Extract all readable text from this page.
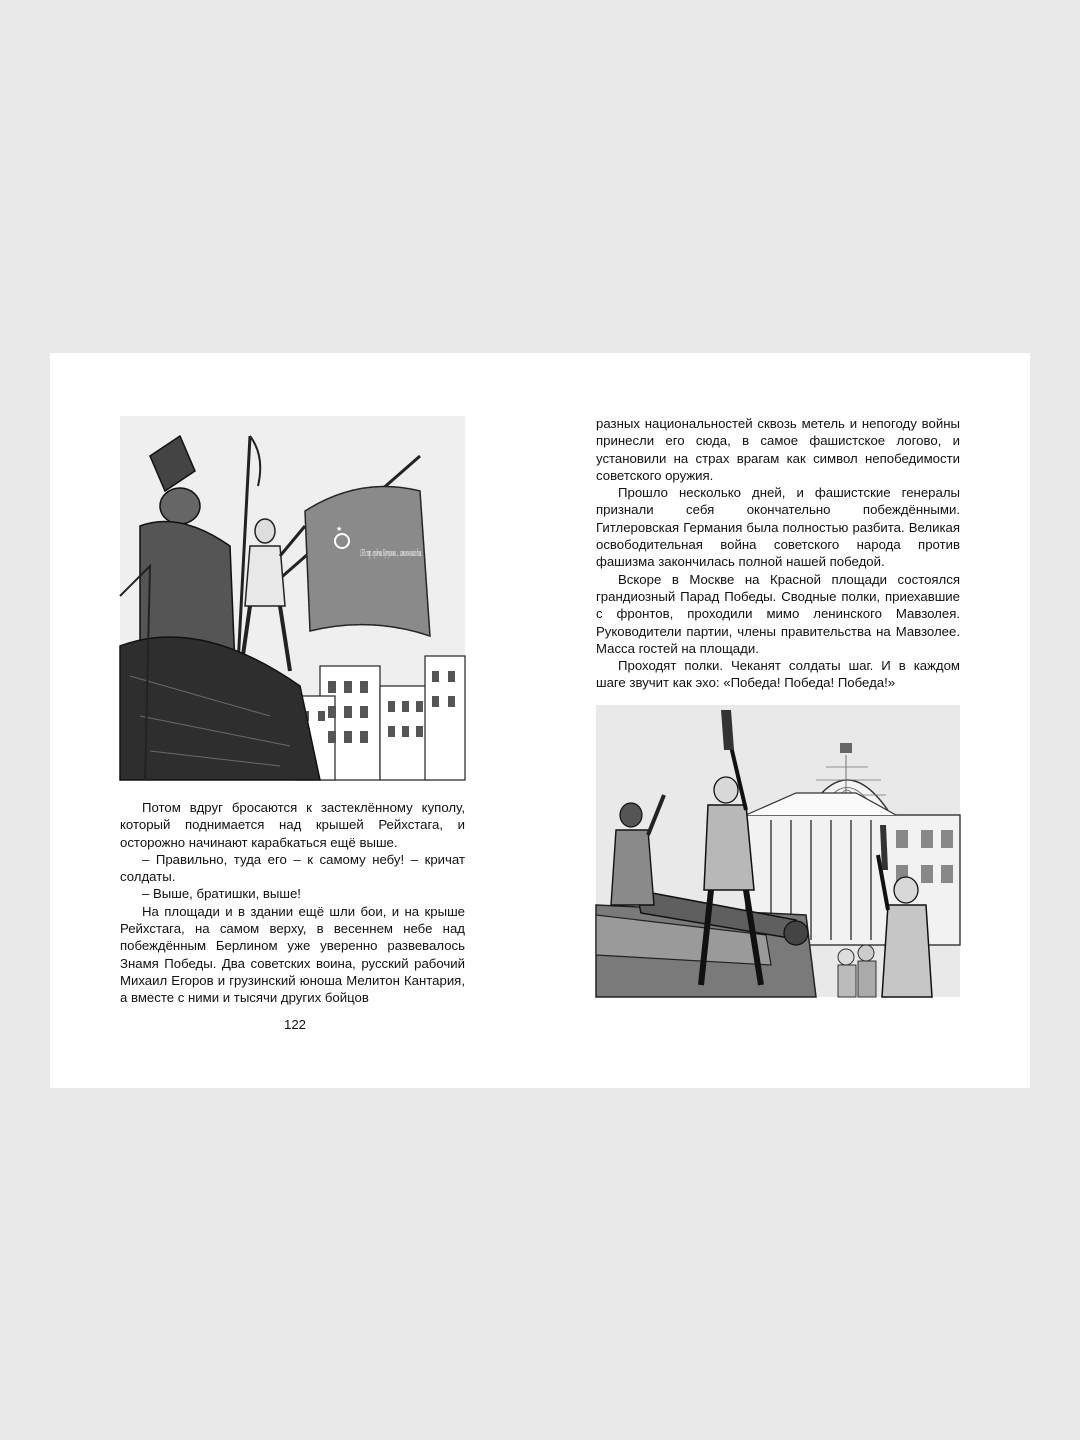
★
150 стр. ордена Кутузова ... изюлонская див.

Потом вдруг бросаются к застеклённому куполу, который поднимается над крышей Рейхстага, и осторожно начинают карабкаться ещё выше.

– Правильно, туда его – к самому небу! – кричат солдаты.

– Выше, братишки, выше!

На площади и в здании ещё шли бои, и на крыше Рейхстага, на самом верху, в весеннем небе над побеждённым Берлином уже уверенно развевалось Знамя Победы. Два советских воина, русский рабочий Михаил Егоров и грузинский юноша Мелитон Кантария, а вместе с ними и тысячи других бойцов

122

разных национальностей сквозь метель и непогоду войны принесли его сюда, в самое фашистское логово, и установили на страх врагам как символ непобедимости советского оружия.

Прошло несколько дней, и фашистские генералы признали себя окончательно побеждёнными. Гитлеровская Германия была полностью разбита. Великая освободительная война советского народа против фашизма закончилась полной нашей победой.

Вскоре в Москве на Красной площади состоялся грандиозный Парад Победы. Сводные полки, приехавшие с фронтов, проходили мимо ленинского Мавзолея. Руководители партии, члены правительства на Мавзолее. Масса гостей на площади.

Проходят полки. Чеканят солдаты шаг. И в каждом шаге звучит как эхо: «Победа! Победа! Победа!»
